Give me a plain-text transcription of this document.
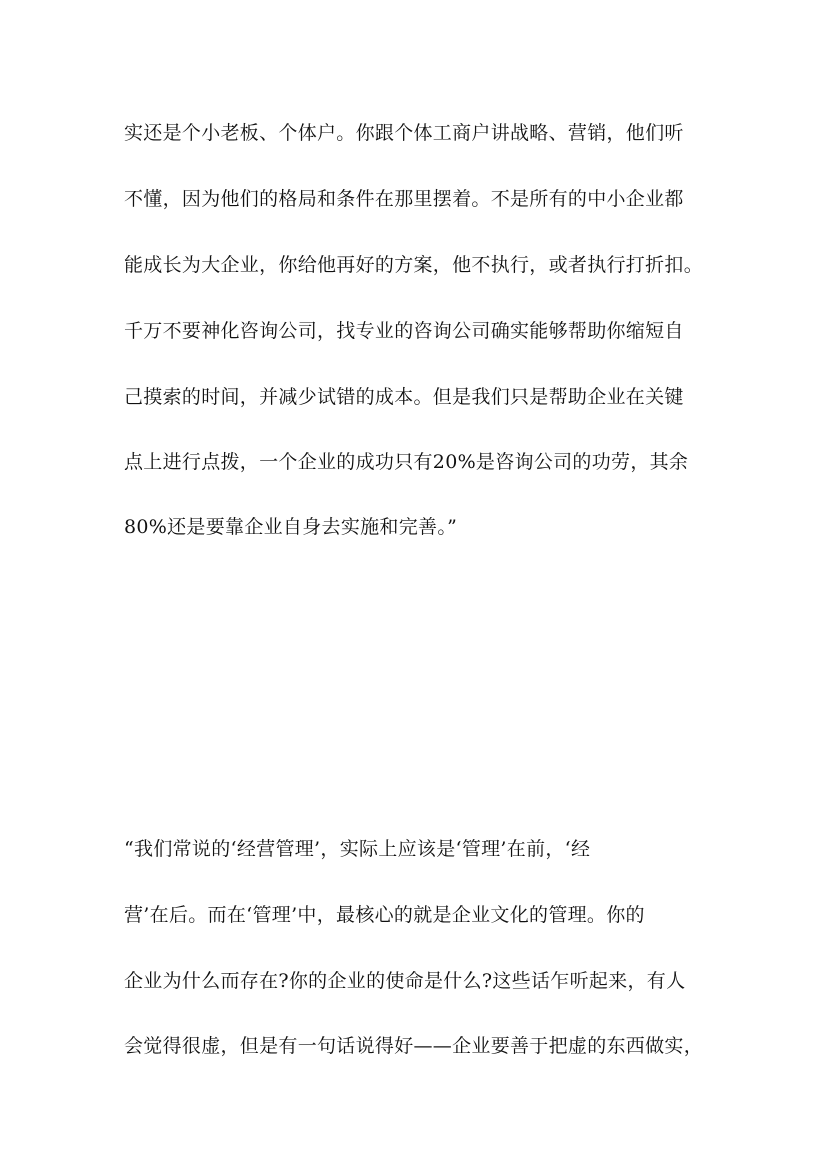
实还是个小老板、个体户。你跟个体工商户讲战略、营销，他们听
不懂，因为他们的格局和条件在那里摆着。不是所有的中小企业都
能成长为大企业，你给他再好的方案，他不执行，或者执行打折扣。
千万不要神化咨询公司，找专业的咨询公司确实能够帮助你缩短自
己摸索的时间，并减少试错的成本。但是我们只是帮助企业在关键
点上进行点拨，一个企业的成功只有20%是咨询公司的功劳，其余
80%还是要靠企业自身去实施和完善。”
“我们常说的‘经营管理’，实际上应该是‘管理’在前，‘经
营’在后。而在‘管理’中，最核心的就是企业文化的管理。你的
企业为什么而存在?你的企业的使命是什么?这些话乍听起来，有人
会觉得很虚，但是有一句话说得好——企业要善于把虚的东西做实，
